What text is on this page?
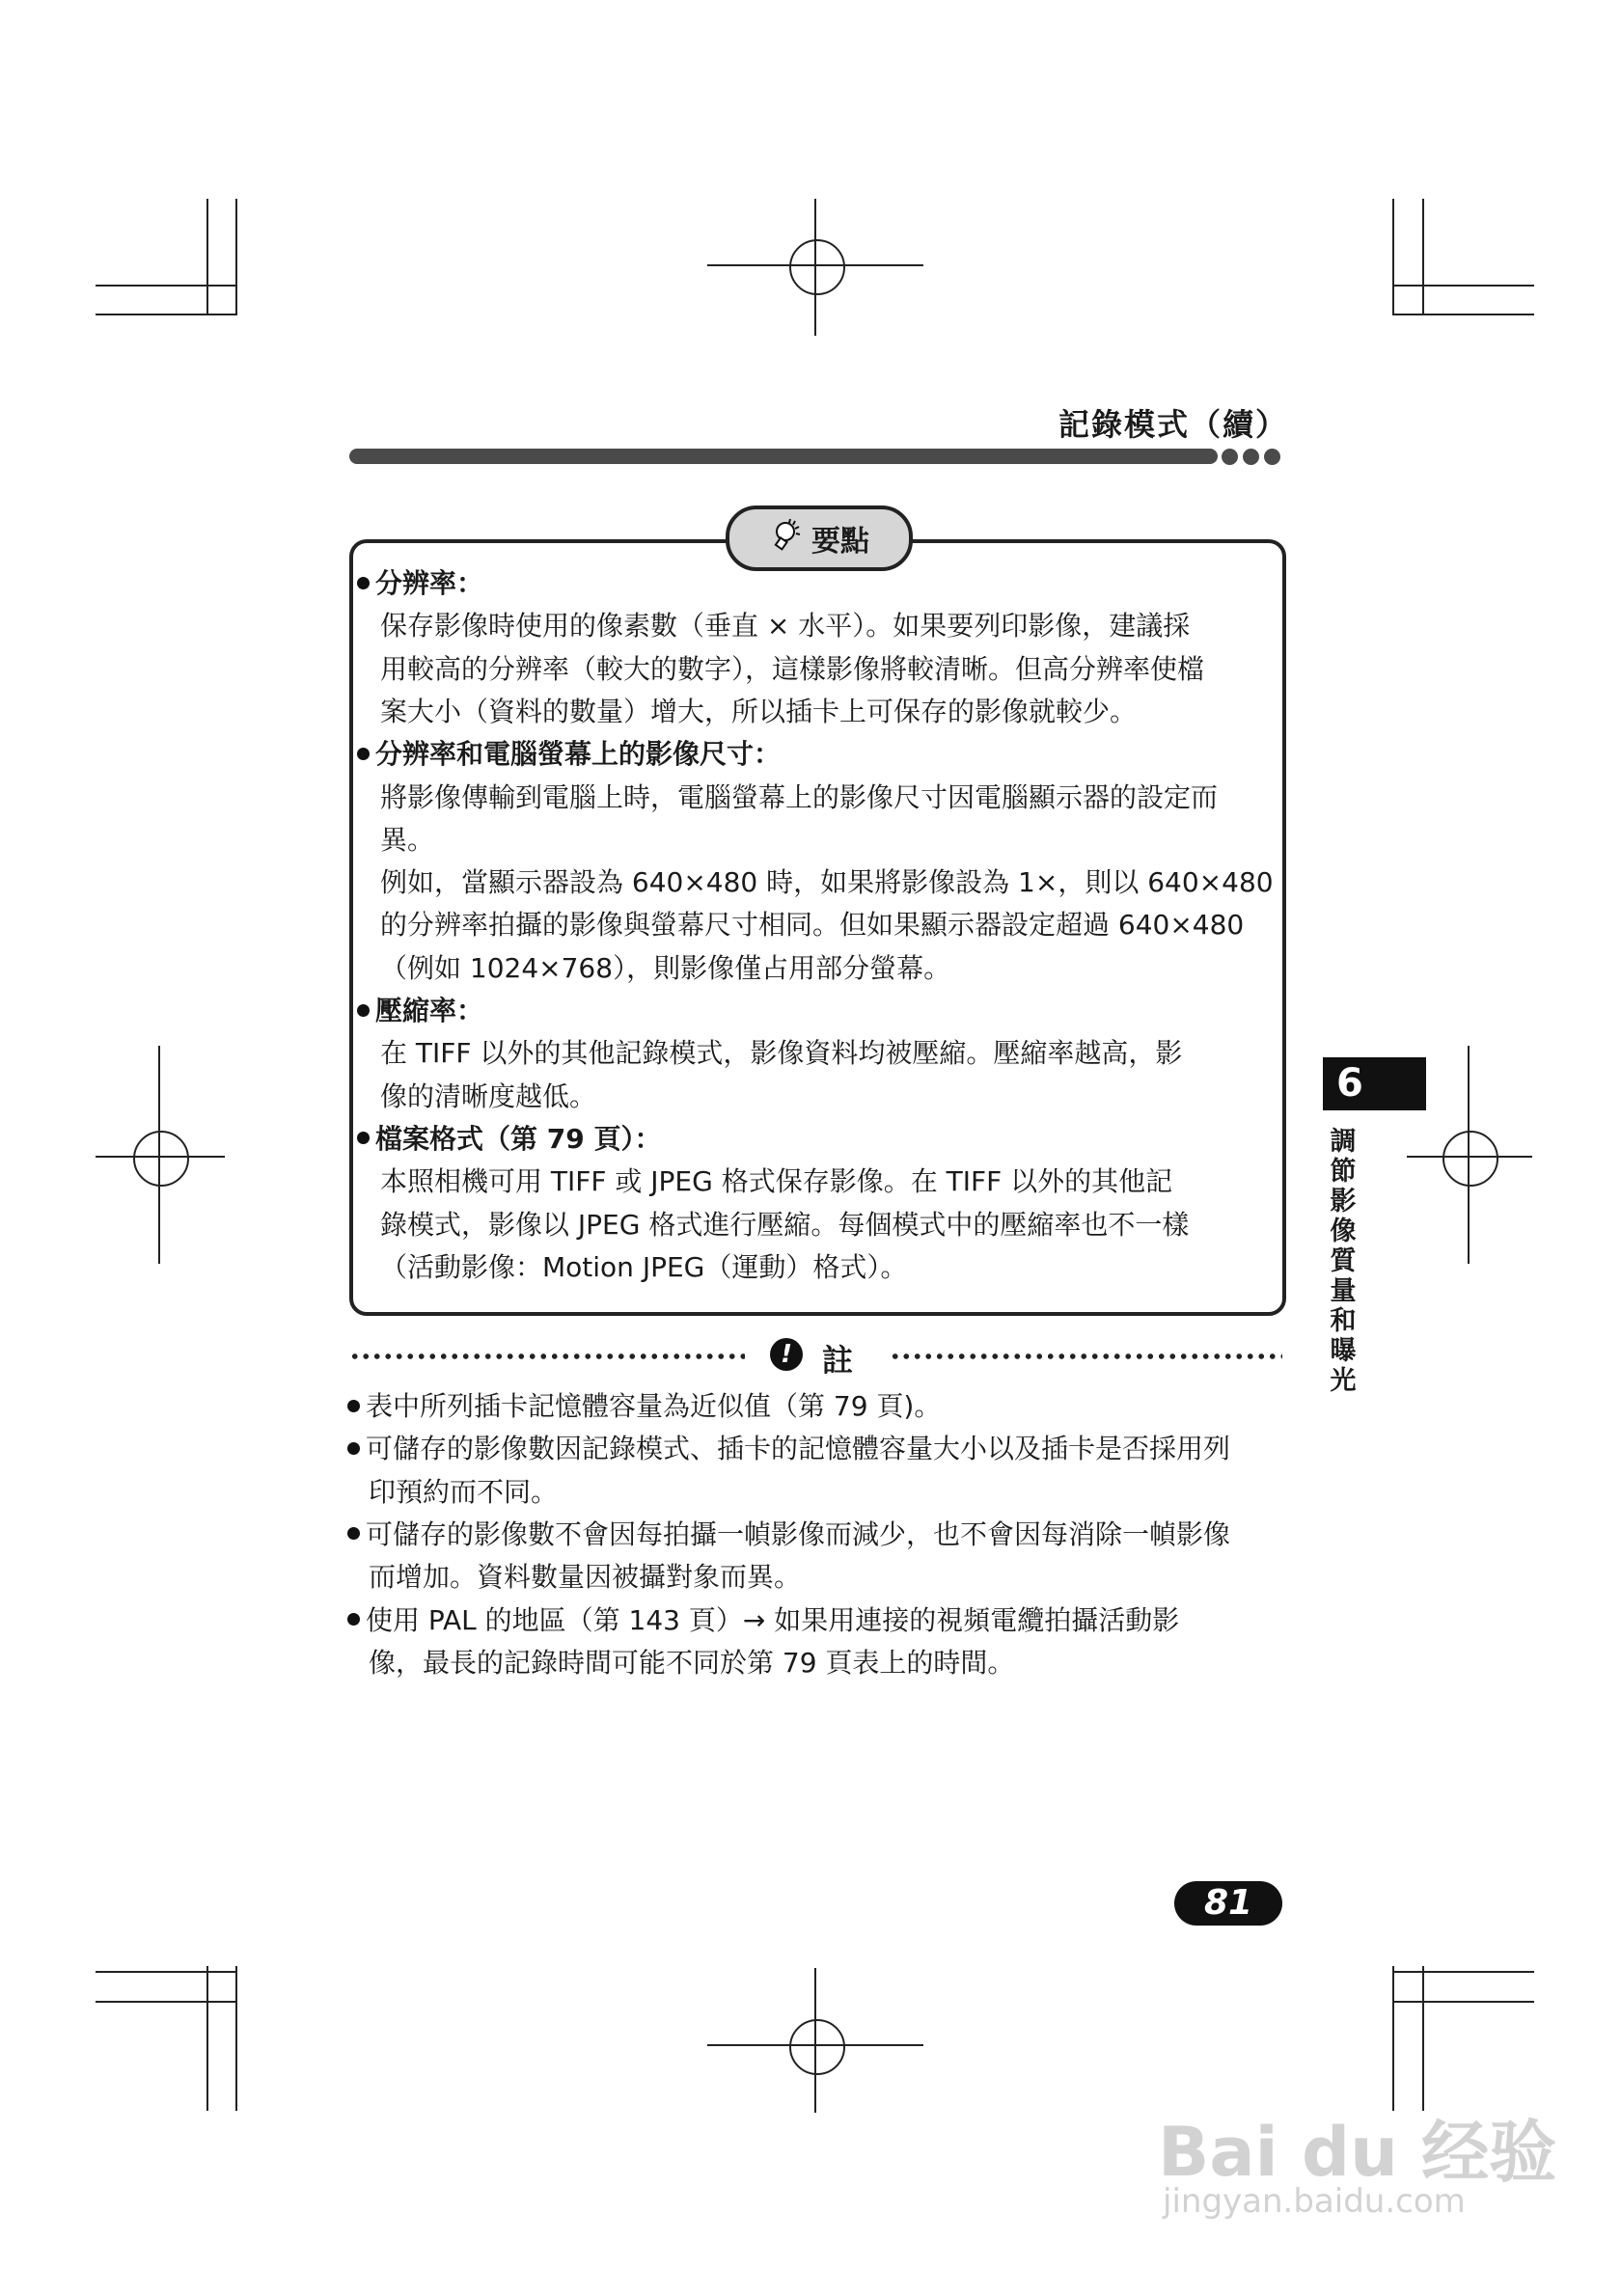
記錄模式（續）
要點
! 註
6
調節影像質量和曝光
81
Bai du 经验
jingyan.baidu.com
分辨率：
保存影像時使用的像素數（垂直 × 水平）。如果要列印影像，建議採
用較高的分辨率（較大的數字），這樣影像將較清晰。但高分辨率使檔
案大小（資料的數量）增大，所以插卡上可保存的影像就較少。
分辨率和電腦螢幕上的影像尺寸：
將影像傳輸到電腦上時，電腦螢幕上的影像尺寸因電腦顯示器的設定而
異。
例如，當顯示器設為 640×480 時，如果將影像設為 1×，則以 640×480
的分辨率拍攝的影像與螢幕尺寸相同。但如果顯示器設定超過 640×480
（例如 1024×768），則影像僅占用部分螢幕。
壓縮率：
在 TIFF 以外的其他記錄模式，影像資料均被壓縮。壓縮率越高，影
像的清晰度越低。
檔案格式（第 79 頁）：
本照相機可用 TIFF 或 JPEG 格式保存影像。在 TIFF 以外的其他記
錄模式，影像以 JPEG 格式進行壓縮。每個模式中的壓縮率也不一樣
（活動影像：Motion JPEG（運動）格式）。
表中所列插卡記憶體容量為近似值（第 79 頁)。
可儲存的影像數因記錄模式、插卡的記憶體容量大小以及插卡是否採用列
印預約而不同。
可儲存的影像數不會因每拍攝一幀影像而減少，也不會因每消除一幀影像
而增加。資料數量因被攝對象而異。
使用 PAL 的地區（第 143 頁）→ 如果用連接的視頻電纜拍攝活動影
像，最長的記錄時間可能不同於第 79 頁表上的時間。
